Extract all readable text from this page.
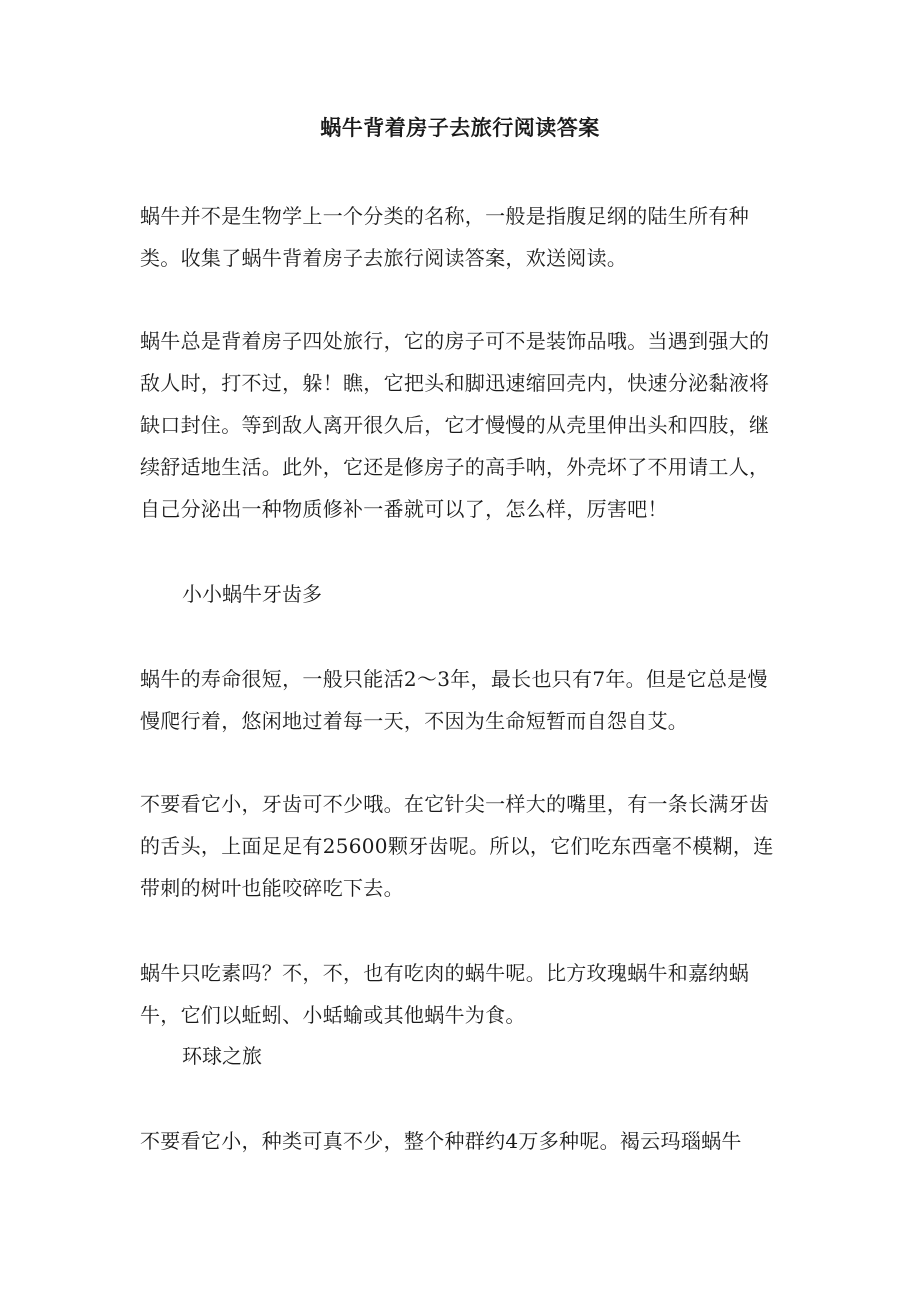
蜗牛背着房子去旅行阅读答案

蜗牛并不是生物学上一个分类的名称，一般是指腹足纲的陆生所有种类。收集了蜗牛背着房子去旅行阅读答案，欢送阅读。

蜗牛总是背着房子四处旅行，它的房子可不是装饰品哦。当遇到强大的敌人时，打不过，躲！瞧，它把头和脚迅速缩回壳内，快速分泌黏液将缺口封住。等到敌人离开很久后，它才慢慢的从壳里伸出头和四肢，继续舒适地生活。此外，它还是修房子的高手呐，外壳坏了不用请工人，自己分泌出一种物质修补一番就可以了，怎么样，厉害吧！

小小蜗牛牙齿多

蜗牛的寿命很短，一般只能活2～3年，最长也只有7年。但是它总是慢慢爬行着，悠闲地过着每一天，不因为生命短暂而自怨自艾。

不要看它小，牙齿可不少哦。在它针尖一样大的嘴里，有一条长满牙齿的舌头，上面足足有25600颗牙齿呢。所以，它们吃东西毫不模糊，连带刺的树叶也能咬碎吃下去。

蜗牛只吃素吗？不，不，也有吃肉的蜗牛呢。比方玫瑰蜗牛和嘉纳蜗牛，它们以蚯蚓、小蛞蝓或其他蜗牛为食。

环球之旅

不要看它小，种类可真不少，整个种群约4万多种呢。褐云玛瑙蜗牛
